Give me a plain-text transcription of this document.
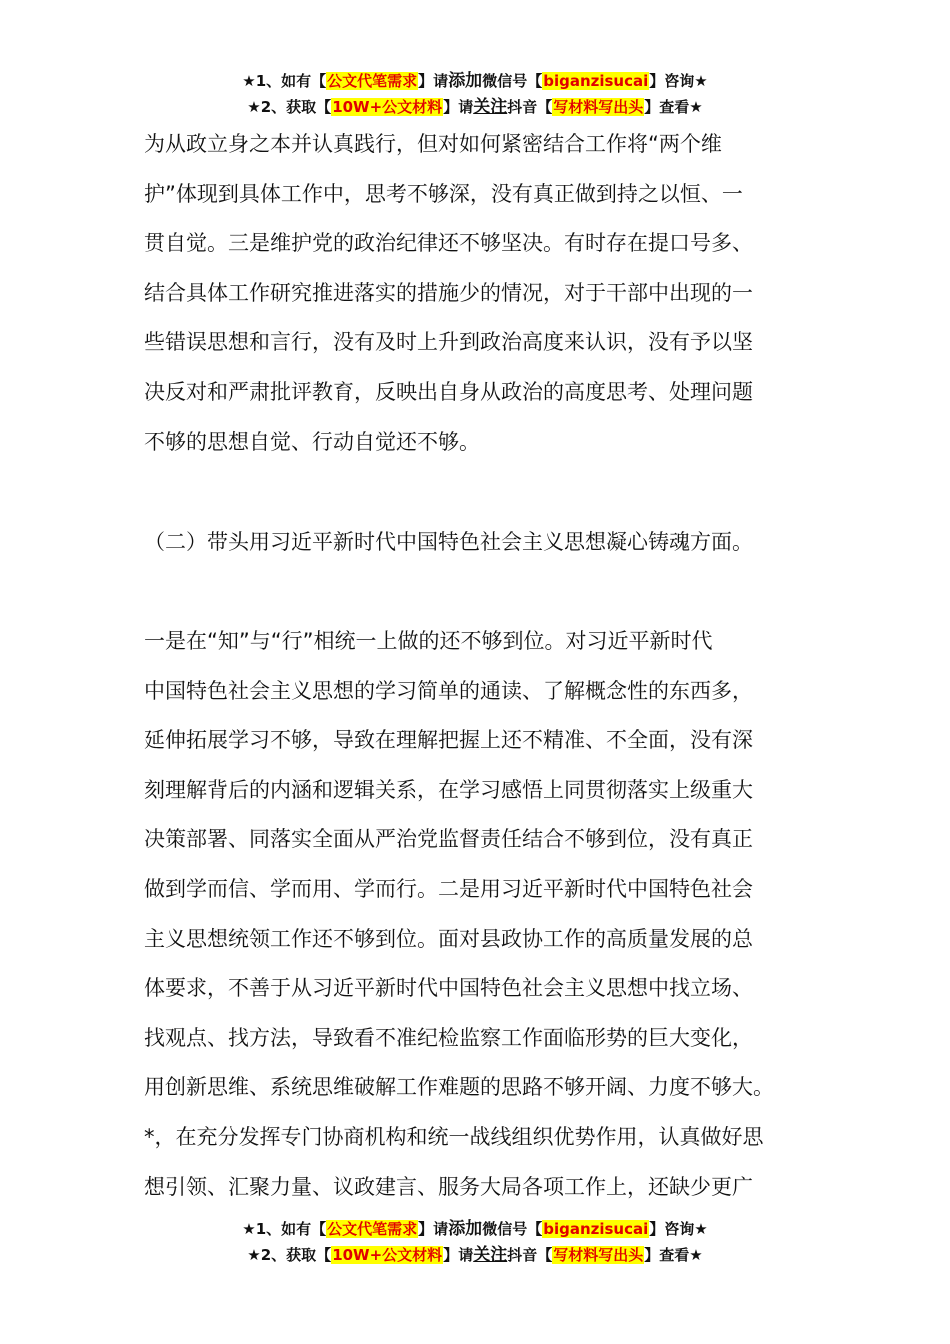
★1、如有【公文代笔需求】请添加微信号【biganzisucai】咨询★
★2、获取【10W+公文材料】请关注抖音【写材料写出头】查看★
为从政立身之本并认真践行，但对如何紧密结合工作将“两个维
护”体现到具体工作中，思考不够深，没有真正做到持之以恒、一
贯自觉。三是维护党的政治纪律还不够坚决。有时存在提口号多、
结合具体工作研究推进落实的措施少的情况，对于干部中出现的一
些错误思想和言行，没有及时上升到政治高度来认识，没有予以坚
决反对和严肃批评教育，反映出自身从政治的高度思考、处理问题
不够的思想自觉、行动自觉还不够。
（二）带头用习近平新时代中国特色社会主义思想凝心铸魂方面。
一是在“知”与“行”相统一上做的还不够到位。对习近平新时代
中国特色社会主义思想的学习简单的通读、了解概念性的东西多，
延伸拓展学习不够，导致在理解把握上还不精准、不全面，没有深
刻理解背后的内涵和逻辑关系，在学习感悟上同贯彻落实上级重大
决策部署、同落实全面从严治党监督责任结合不够到位，没有真正
做到学而信、学而用、学而行。二是用习近平新时代中国特色社会
主义思想统领工作还不够到位。面对县政协工作的高质量发展的总
体要求，不善于从习近平新时代中国特色社会主义思想中找立场、
找观点、找方法，导致看不准纪检监察工作面临形势的巨大变化，
用创新思维、系统思维破解工作难题的思路不够开阔、力度不够大。
*，在充分发挥专门协商机构和统一战线组织优势作用，认真做好思
想引领、汇聚力量、议政建言、服务大局各项工作上，还缺少更广
★1、如有【公文代笔需求】请添加微信号【biganzisucai】咨询★
★2、获取【10W+公文材料】请关注抖音【写材料写出头】查看★
